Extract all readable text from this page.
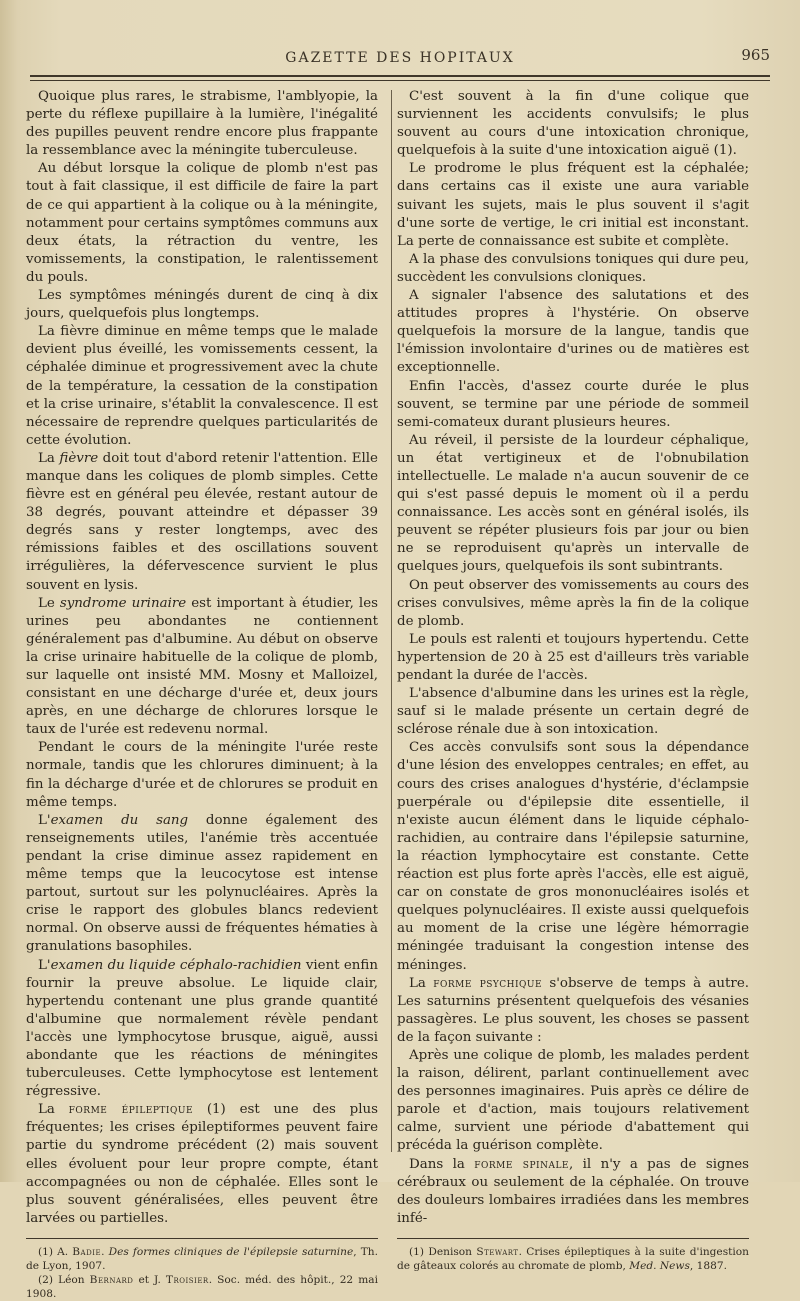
GAZETTE DES HOPITAUX	965

Quoique plus rares, le strabisme, l'amblyopie, la perte du réflexe pupillaire à la lumière, l'inégalité des pupilles peuvent rendre encore plus frappante la ressemblance avec la méningite tuberculeuse.

Au début lorsque la colique de plomb n'est pas tout à fait classique, il est difficile de faire la part de ce qui appartient à la colique ou à la méningite, notamment pour certains symptômes communs aux deux états, la rétraction du ventre, les vomissements, la constipation, le ralentissement du pouls.

Les symptômes méningés durent de cinq à dix jours, quelquefois plus longtemps.

La fièvre diminue en même temps que le malade devient plus éveillé, les vomissements cessent, la céphalée diminue et progressivement avec la chute de la température, la cessation de la constipation et la crise urinaire, s'établit la convalescence. Il est nécessaire de reprendre quelques particularités de cette évolution.

La fièvre doit tout d'abord retenir l'attention. Elle manque dans les coliques de plomb simples. Cette fièvre est en général peu élevée, restant autour de 38 degrés, pouvant atteindre et dépasser 39 degrés sans y rester longtemps, avec des rémissions faibles et des oscillations souvent irrégulières, la défervescence survient le plus souvent en lysis.

Le syndrome urinaire est important à étudier, les urines peu abondantes ne contiennent généralement pas d'albumine. Au début on observe la crise urinaire habituelle de la colique de plomb, sur laquelle ont insisté MM. Mosny et Malloizel, consistant en une décharge d'urée et, deux jours après, en une décharge de chlorures lorsque le taux de l'urée est redevenu normal.

Pendant le cours de la méningite l'urée reste normale, tandis que les chlorures diminuent; à la fin la décharge d'urée et de chlorures se produit en même temps.

L'examen du sang donne également des renseignements utiles, l'anémie très accentuée pendant la crise diminue assez rapidement en même temps que la leucocytose est intense partout, surtout sur les polynucléaires. Après la crise le rapport des globules blancs redevient normal. On observe aussi de fréquentes hématies à granulations basophiles.

L'examen du liquide céphalo-rachidien vient enfin fournir la preuve absolue. Le liquide clair, hypertendu contenant une plus grande quantité d'albumine que normalement révèle pendant l'accès une lymphocytose brusque, aiguë, aussi abondante que les réactions de méningites tuberculeuses. Cette lymphocytose est lentement régressive.

La forme épileptique (1) est une des plus fréquentes; les crises épileptiformes peuvent faire partie du syndrome précédent (2) mais souvent elles évoluent pour leur propre compte, étant accompagnées ou non de céphalée. Elles sont le plus souvent généralisées, elles peuvent être larvées ou partielles.

(1) A. Badie. Des formes cliniques de l'épilepsie saturnine, Th. de Lyon, 1907.

(2) Léon Bernard et J. Troisier. Soc. méd. des hôpit., 22 mai 1908.

C'est souvent à la fin d'une colique que surviennent les accidents convulsifs; le plus souvent au cours d'une intoxication chronique, quelquefois à la suite d'une intoxication aiguë (1).

Le prodrome le plus fréquent est la céphalée; dans certains cas il existe une aura variable suivant les sujets, mais le plus souvent il s'agit d'une sorte de vertige, le cri initial est inconstant. La perte de connaissance est subite et complète.

A la phase des convulsions toniques qui dure peu, succèdent les convulsions cloniques.

A signaler l'absence des salutations et des attitudes propres à l'hystérie. On observe quelquefois la morsure de la langue, tandis que l'émission involontaire d'urines ou de matières est exceptionnelle.

Enfin l'accès, d'assez courte durée le plus souvent, se termine par une période de sommeil semi-comateux durant plusieurs heures.

Au réveil, il persiste de la lourdeur céphalique, un état vertigineux et de l'obnubilation intellectuelle. Le malade n'a aucun souvenir de ce qui s'est passé depuis le moment où il a perdu connaissance. Les accès sont en général isolés, ils peuvent se répéter plusieurs fois par jour ou bien ne se reproduisent qu'après un intervalle de quelques jours, quelquefois ils sont subintrants.

On peut observer des vomissements au cours des crises convulsives, même après la fin de la colique de plomb.

Le pouls est ralenti et toujours hypertendu. Cette hypertension de 20 à 25 est d'ailleurs très variable pendant la durée de l'accès.

L'absence d'albumine dans les urines est la règle, sauf si le malade présente un certain degré de sclérose rénale due à son intoxication.

Ces accès convulsifs sont sous la dépendance d'une lésion des enveloppes centrales; en effet, au cours des crises analogues d'hystérie, d'éclampsie puerpérale ou d'épilepsie dite essentielle, il n'existe aucun élément dans le liquide céphalo-rachidien, au contraire dans l'épilepsie saturnine, la réaction lymphocytaire est constante. Cette réaction est plus forte après l'accès, elle est aiguë, car on constate de gros mononucléaires isolés et quelques polynucléaires. Il existe aussi quelquefois au moment de la crise une légère hémorragie méningée traduisant la congestion intense des méninges.

La forme psychique s'observe de temps à autre. Les saturnins présentent quelquefois des vésanies passagères. Le plus souvent, les choses se passent de la façon suivante :

Après une colique de plomb, les malades perdent la raison, délirent, parlant continuellement avec des personnes imaginaires. Puis après ce délire de parole et d'action, mais toujours relativement calme, survient une période d'abattement qui précéda la guérison complète.

Dans la forme spinale, il n'y a pas de signes cérébraux ou seulement de la céphalée. On trouve des douleurs lombaires irradiées dans les membres infé-

(1) Denison Stewart. Crises épileptiques à la suite d'ingestion de gâteaux colorés au chromate de plomb, Med. News, 1887.
